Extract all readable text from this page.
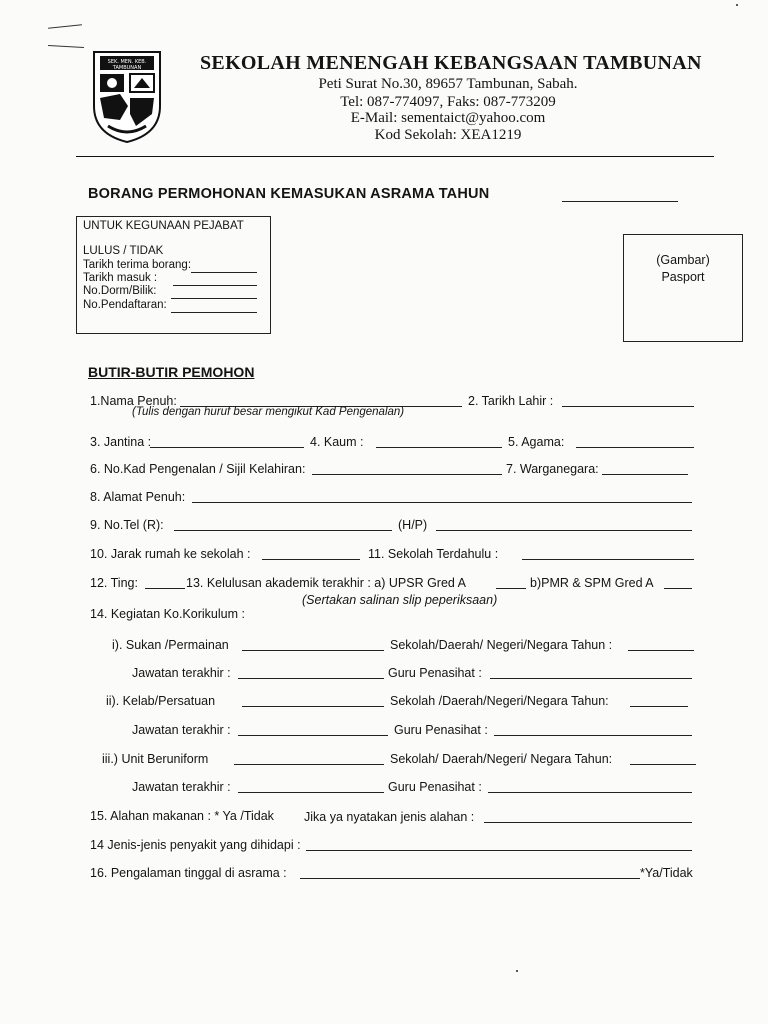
SEK. MEN. KEB.
TAMBUNAN	SEKOLAH MENENGAH KEBANGSAAN TAMBUNAN
Peti Surat No.30, 89657 Tambunan, Sabah.
Tel: 087-774097, Faks: 087-773209
E-Mail: sementaict@yahoo.com
Kod Sekolah: XEA1219
BORANG PERMOHONAN KEMASUKAN ASRAMA TAHUN
UNTUK KEGUNAAN PEJABAT
LULUS / TIDAK
Tarikh terima borang:
Tarikh masuk :
No.Dorm/Bilik:
No.Pendaftaran:
(Gambar)
Pasport
BUTIR-BUTIR PEMOHON
1.Nama Penuh:	2. Tarikh Lahir :
(Tulis dengan huruf besar mengikut Kad Pengenalan)
3. Jantina :	4. Kaum :	5. Agama:
6. No.Kad Pengenalan / Sijil Kelahiran:	7. Warganegara:
8. Alamat Penuh:
9. No.Tel (R):	(H/P)
10. Jarak rumah ke sekolah :	11. Sekolah Terdahulu :
12. Ting:	13. Kelulusan akademik terakhir : a) UPSR Gred A	b)PMR & SPM Gred A
(Sertakan salinan slip peperiksaan)
14. Kegiatan Ko.Korikulum :
i). Sukan /Permainan	Sekolah/Daerah/ Negeri/Negara Tahun :
Jawatan terakhir :	Guru Penasihat :
ii). Kelab/Persatuan	Sekolah /Daerah/Negeri/Negara Tahun:
Jawatan terakhir :	Guru Penasihat :
iii.) Unit Beruniform	Sekolah/ Daerah/Negeri/ Negara Tahun:
Jawatan terakhir :	Guru Penasihat :
15. Alahan makanan : * Ya /Tidak Jika ya nyatakan jenis alahan :
14 Jenis-jenis penyakit yang dihidapi :
16. Pengalaman tinggal di asrama :	*Ya/Tidak
